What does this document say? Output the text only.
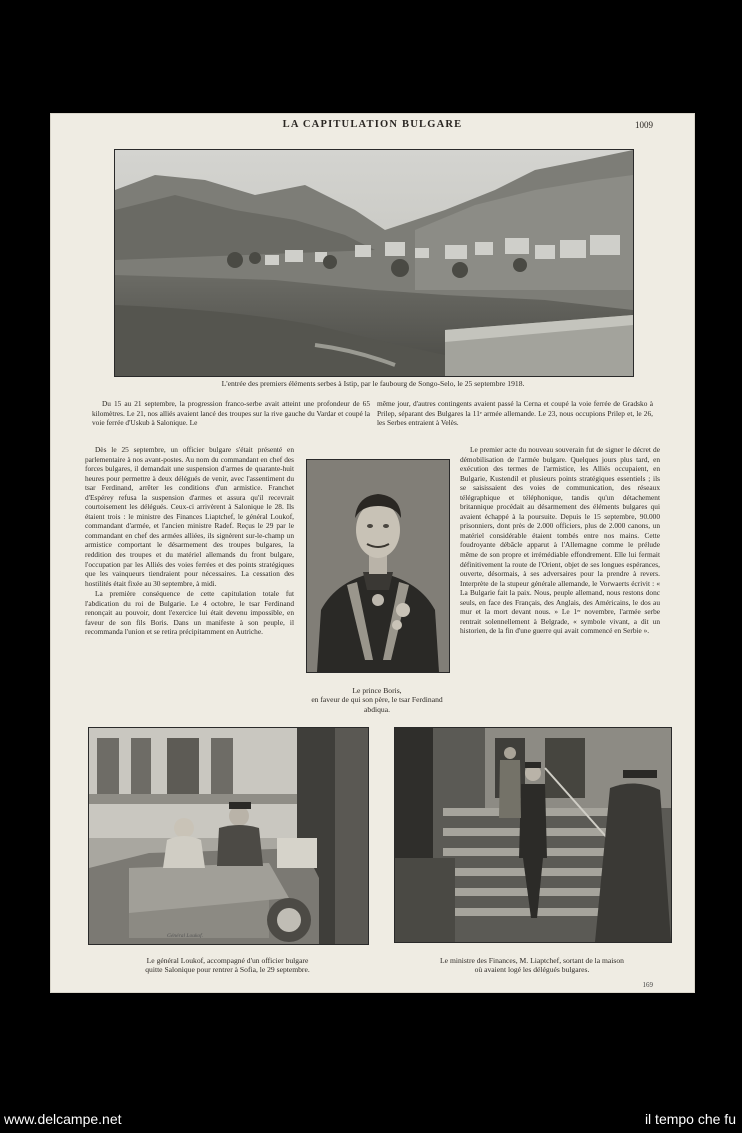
LA CAPITULATION BULGARE	1009
L'entrée des premiers éléments serbes à Istip, par le faubourg de Songo-Selo, le 25 septembre 1918.
Du 15 au 21 septembre, la progression franco-serbe avait atteint une profondeur de 65 kilomètres. Le 21, nos alliés avaient lancé des troupes sur la rive gauche du Vardar et coupé la voie ferrée d'Uskub à Salonique. Le
même jour, d'autres contingents avaient passé la Cerna et coupé la voie ferrée de Gradsko à Prilep, séparant des Bulgares la 11ᵉ armée allemande. Le 23, nous occupions Prilep et, le 26, les Serbes entraient à Velès.

Dès le 25 septembre, un officier bulgare s'était présenté en parlementaire à nos avant-postes. Au nom du commandant en chef des forces bulgares, il demandait une suspension d'armes de quarante-huit heures pour permettre à deux délégués de venir, avec l'assentiment du tsar Ferdinand, arrêter les conditions d'un armistice. Franchet d'Espérey refusa la suspension d'armes et assura qu'il recevrait courtoisement les délégués. Ceux-ci arrivèrent à Salonique le 28. Ils étaient trois : le ministre des Finances Liaptchef, le général Loukof, commandant d'armée, et l'ancien ministre Radef. Reçus le 29 par le commandant en chef des armées alliées, ils signèrent sur-le-champ un armistice comportant le désarmement des troupes bulgares, la reddition des troupes et du matériel allemands du front bulgare, l'occupation par les Alliés des voies ferrées et des points stratégiques que les vainqueurs tiendraient pour nécessaires. La cessation des hostilités était fixée au 30 septembre, à midi.

La première conséquence de cette capitulation totale fut l'abdication du roi de Bulgarie. Le 4 octobre, le tsar Ferdinand renonçait au pouvoir, dont l'exercice lui était devenu impossible, en faveur de son fils Boris. Dans un manifeste à son peuple, il recommanda l'union et se retira précipitamment en Autriche.

Le prince Boris,
en faveur de qui son père, le tsar Ferdinand
abdiqua.

Le premier acte du nouveau souverain fut de signer le décret de démobilisation de l'armée bulgare. Quelques jours plus tard, en exécution des termes de l'armistice, les Alliés occupaient, en Bulgarie, Kustendil et plusieurs points stratégiques essentiels ; ils se saisissaient des voies de communication, des réseaux télégraphique et téléphonique, tandis qu'un détachement britannique procédait au désarmement des éléments bulgares qui avaient échappé à la poursuite. Depuis le 15 septembre, 90.000 prisonniers, dont près de 2.000 officiers, plus de 2.000 canons, un matériel considérable étaient tombés entre nos mains. Cette foudroyante débâcle apparut à l'Allemagne comme le prélude même de son propre et irrémédiable effondrement. Elle lui fermait définitivement la route de l'Orient, objet de ses longues espérances, ouverte, désormais, à ses adversaires pour la prendre à revers. Interprète de la stupeur générale allemande, le Vorwaerts écrivit : « La Bulgarie fait la paix. Nous, peuple allemand, nous restons donc seuls, en face des Français, des Anglais, des Américains, le dos au mur et la mort devant nous. » Le 1ᵉʳ novembre, l'armée serbe rentrait solennellement à Belgrade, « symbole vivant, a dit un historien, de la fin d'une guerre qui avait commencé en Serbie ».

Général Loukof.
Le général Loukof, accompagné d'un officier bulgare
quitte Salonique pour rentrer à Sofia, le 29 septembre.
Le ministre des Finances, M. Liaptchef, sortant de la maison
où avaient logé les délégués bulgares.
169
www.delcampe.net	il tempo che fu
